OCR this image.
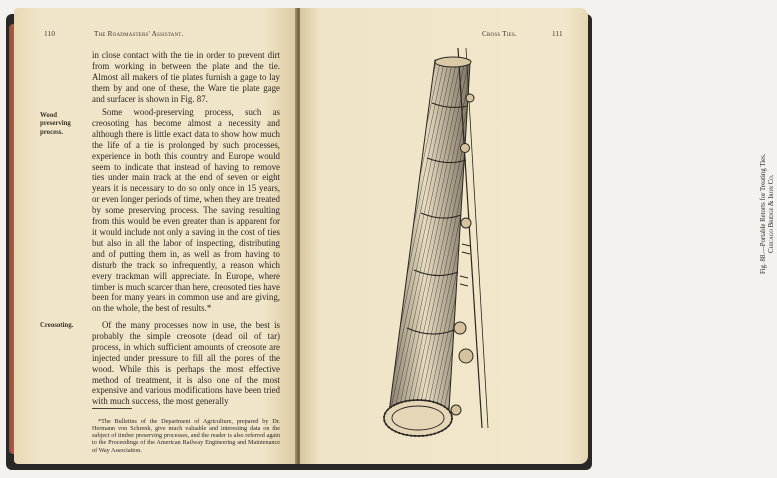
110	The Roadmasters' Assistant.

in close contact with the tie in order to prevent dirt from working in between the plate and the tie. Almost all makers of tie plates furnish a gage to lay them by and one of these, the Ware tie plate gage and surfacer is shown in Fig. 87.

Wood preserving process.

Some wood-preserving process, such as creosoting has become almost a necessity and although there is little exact data to show how much the life of a tie is prolonged by such processes, experience in both this country and Europe would seem to indicate that instead of having to remove ties under main track at the end of seven or eight years it is necessary to do so only once in 15 years, or even longer periods of time, when they are treated by some preserving process. The saving resulting from this would be even greater than is apparent for it would include not only a saving in the cost of ties but also in all the labor of inspecting, distributing and of putting them in, as well as from having to disturb the track so infrequently, a reason which every trackman will appreciate. In Europe, where timber is much scarcer than here, creosoted ties have been for many years in common use and are giving, on the whole, the best of results.*

Creosoting.	Of the many processes now in use, the best is probably the simple creosote (dead oil of tar) process, in which sufficient amounts of creosote are injected under pressure to fill all the pores of the wood. While this is perhaps the most effective method of treatment, it is also one of the most expensive and various modifications have been tried with much success, the most generally

*The Bulletins of the Department of Agriculture, prepared by Dr. Hermann von Schrenk, give much valuable and interesting data on the subject of timber preserving processes, and the reader is also referred again to the Proceedings of the American Railway Engineering and Maintenance of Way Association.

Cross Ties.	111
Fig. 88.—Portable Retorts for Treating Ties. Chicago Bridge & Iron Co.
